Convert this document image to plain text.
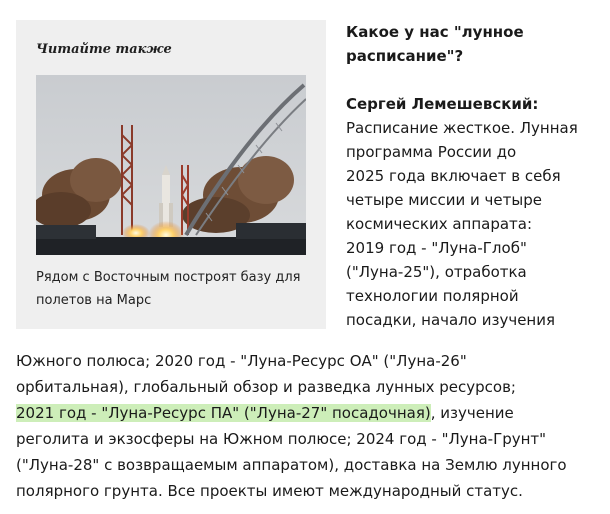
Читайте также
Рядом с Восточным построят базу для полетов на Марс

Какое у нас "лунное расписание"?

Сергей Лемешевский:

Расписание жесткое. Лунная

программа России до

2025 года включает в себя

четыре миссии и четыре

космических аппарата:

2019 год - "Луна-Глоб"

("Луна-25"), отработка

технологии полярной

посадки, начало изучения

Южного полюса; 2020 год - "Луна-Ресурс ОА" ("Луна-26"
орбитальная), глобальный обзор и разведка лунных ресурсов;
2021 год - "Луна-Ресурс ПА" ("Луна-27" посадочная), изучение
реголита и экзосферы на Южном полюсе; 2024 год - "Луна-Грунт"
("Луна-28" с возвращаемым аппаратом), доставка на Землю лунного
полярного грунта. Все проекты имеют международный статус.
